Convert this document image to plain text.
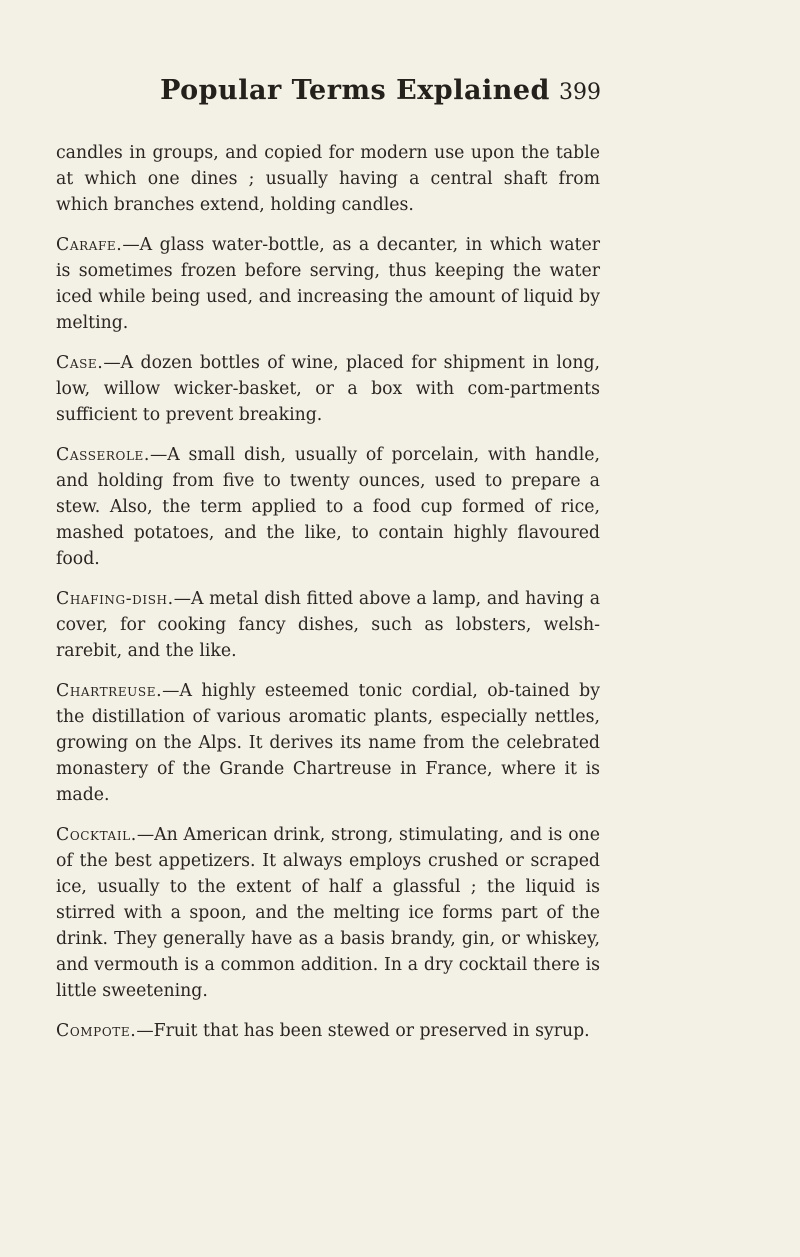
Popular Terms Explained 399

candles in groups, and copied for modern use upon the table at which one dines ; usually having a central shaft from which branches extend, holding candles.

Carafe.—A glass water-bottle, as a decanter, in which water is sometimes frozen before serving, thus keeping the water iced while being used, and increasing the amount of liquid by melting.

Case.—A dozen bottles of wine, placed for shipment in long, low, willow wicker-basket, or a box with com-partments sufficient to prevent breaking.

Casserole.—A small dish, usually of porcelain, with handle, and holding from five to twenty ounces, used to prepare a stew. Also, the term applied to a food cup formed of rice, mashed potatoes, and the like, to contain highly flavoured food.

Chafing-dish.—A metal dish fitted above a lamp, and having a cover, for cooking fancy dishes, such as lobsters, welsh-rarebit, and the like.

Chartreuse.—A highly esteemed tonic cordial, ob-tained by the distillation of various aromatic plants, especially nettles, growing on the Alps. It derives its name from the celebrated monastery of the Grande Chartreuse in France, where it is made.

Cocktail.—An American drink, strong, stimulating, and is one of the best appetizers. It always employs crushed or scraped ice, usually to the extent of half a glassful ; the liquid is stirred with a spoon, and the melting ice forms part of the drink. They generally have as a basis brandy, gin, or whiskey, and vermouth is a common addition. In a dry cocktail there is little sweetening.

Compote.—Fruit that has been stewed or preserved in syrup.
